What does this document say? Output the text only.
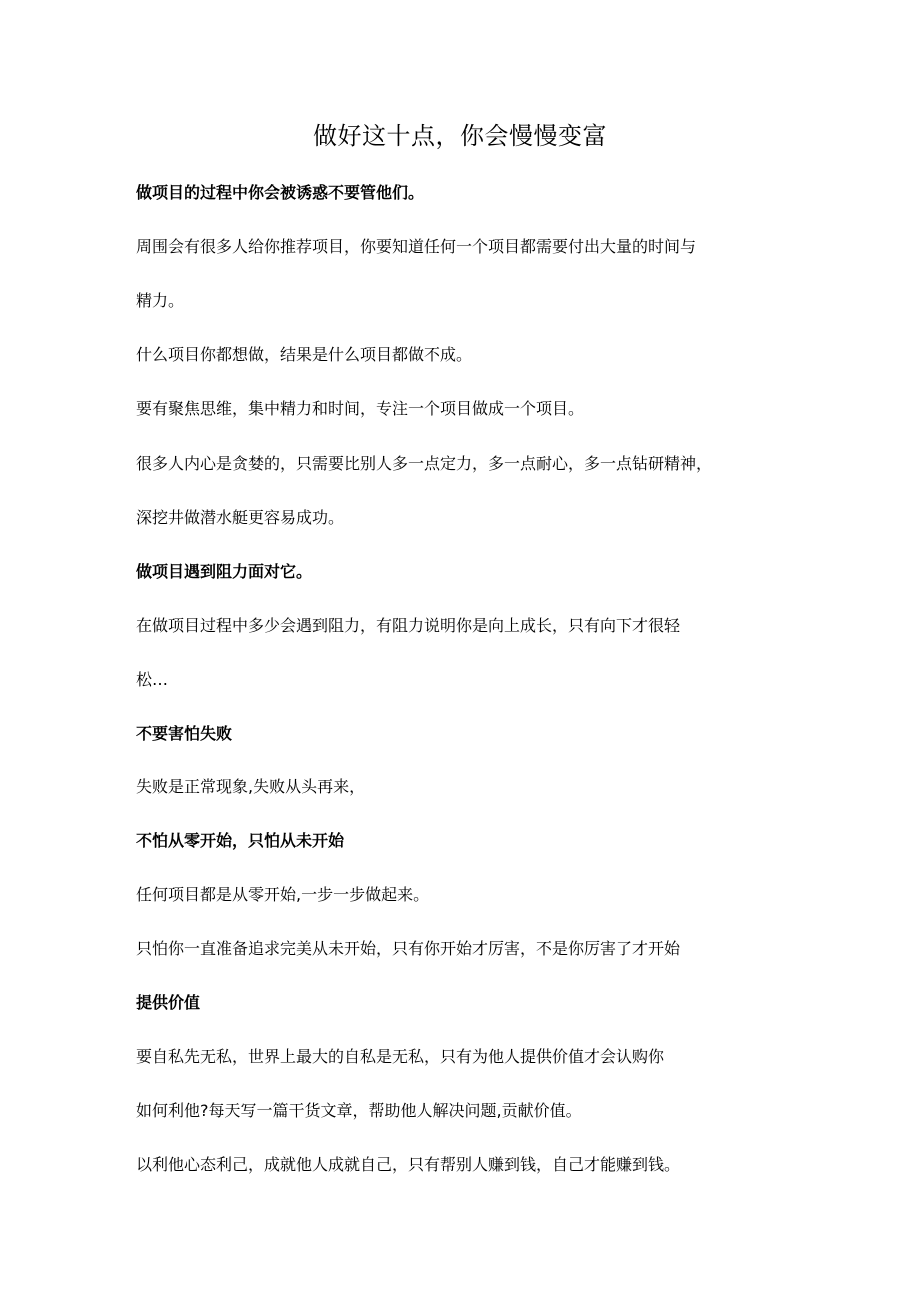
做好这十点，你会慢慢变富
做项目的过程中你会被诱惑不要管他们。
周围会有很多人给你推荐项目，你要知道任何一个项目都需要付出大量的时间与
精力。
什么项目你都想做，结果是什么项目都做不成。
要有聚焦思维，集中精力和时间，专注一个项目做成一个项目。
很多人内心是贪婪的，只需要比别人多一点定力，多一点耐心，多一点钻研精神，
深挖井做潜水艇更容易成功。
做项目遇到阻力面对它。
在做项目过程中多少会遇到阻力，有阻力说明你是向上成长，只有向下才很轻
松…
不要害怕失败
失败是正常现象,失败从头再来，
不怕从零开始，只怕从未开始
任何项目都是从零开始,一步一步做起来。
只怕你一直准备追求完美从未开始，只有你开始才厉害，不是你厉害了才开始
提供价值
要自私先无私，世界上最大的自私是无私，只有为他人提供价值才会认购你
如何利他?每天写一篇干货文章，帮助他人解决问题,贡献价值。
以利他心态利己，成就他人成就自己，只有帮别人赚到钱，自己才能赚到钱。
